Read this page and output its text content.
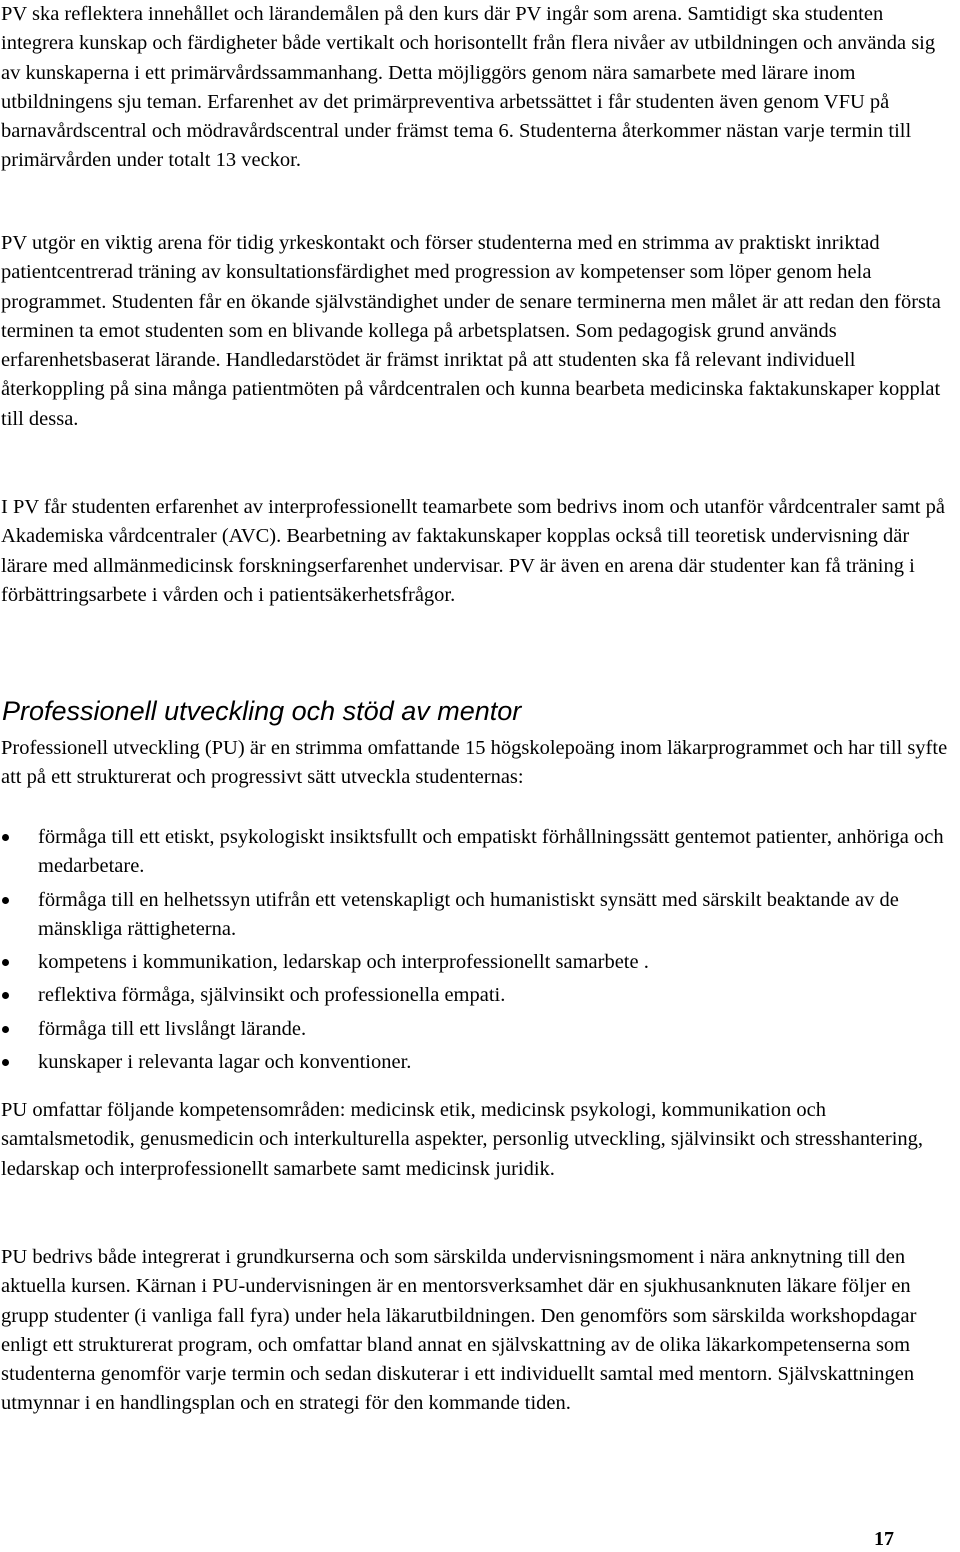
PV ska reflektera innehållet och lärandemålen på den kurs där PV ingår som arena. Samtidigt ska studenten integrera kunskap och färdigheter både vertikalt och horisontellt från flera nivåer av utbildningen och använda sig av kunskaperna i ett primärvårdssammanhang. Detta möjliggörs genom nära samarbete med lärare inom utbildningens sju teman. Erfarenhet av det primärpreventiva arbetssättet i får studenten även genom VFU på barnavårdscentral och mödravårdscentral under främst tema 6. Studenterna återkommer nästan varje termin till primärvården under totalt 13 veckor.

PV utgör en viktig arena för tidig yrkeskontakt och förser studenterna med en strimma av praktiskt inriktad patientcentrerad träning av konsultationsfärdighet med progression av kompetenser som löper genom hela programmet. Studenten får en ökande självständighet under de senare terminerna men målet är att redan den första terminen ta emot studenten som en blivande kollega på arbetsplatsen. Som pedagogisk grund används erfarenhetsbaserat lärande. Handledarstödet är främst inriktat på att studenten ska få relevant individuell återkoppling på sina många patientmöten på vårdcentralen och kunna bearbeta medicinska faktakunskaper kopplat till dessa.

I PV får studenten erfarenhet av interprofessionellt teamarbete som bedrivs inom och utanför vårdcentraler samt på Akademiska vårdcentraler (AVC). Bearbetning av faktakunskaper kopplas också till teoretisk undervisning där lärare med allmänmedicinsk forskningserfarenhet undervisar. PV är även en arena där studenter kan få träning i förbättringsarbete i vården och i patientsäkerhetsfrågor.

Professionell utveckling och stöd av mentor

Professionell utveckling (PU) är en strimma omfattande 15 högskolepoäng inom läkarprogrammet och har till syfte att på ett strukturerat och progressivt sätt utveckla studenternas:

förmåga till ett etiskt, psykologiskt insiktsfullt och empatiskt förhållningssätt gentemot patienter, anhöriga och medarbetare.
förmåga till en helhetssyn utifrån ett vetenskapligt och humanistiskt synsätt med särskilt beaktande av de mänskliga rättigheterna.
kompetens i kommunikation, ledarskap och interprofessionellt samarbete .
reflektiva förmåga, självinsikt och professionella empati.
förmåga till ett livslångt lärande.
kunskaper i relevanta lagar och konventioner.

PU omfattar följande kompetensområden: medicinsk etik, medicinsk psykologi, kommunikation och samtalsmetodik, genusmedicin och interkulturella aspekter, personlig utveckling, självinsikt och stresshantering, ledarskap och interprofessionellt samarbete samt medicinsk juridik.

PU bedrivs både integrerat i grundkurserna och som särskilda undervisningsmoment i nära anknytning till den aktuella kursen. Kärnan i PU-undervisningen är en mentorsverksamhet där en sjukhusanknuten läkare följer en grupp studenter (i vanliga fall fyra) under hela läkarutbildningen. Den genomförs som särskilda workshopdagar enligt ett strukturerat program, och omfattar bland annat en självskattning av de olika läkarkompetenserna som studenterna genomför varje termin och sedan diskuterar i ett individuellt samtal med mentorn. Självskattningen utmynnar i en handlingsplan och en strategi för den kommande tiden.

17
